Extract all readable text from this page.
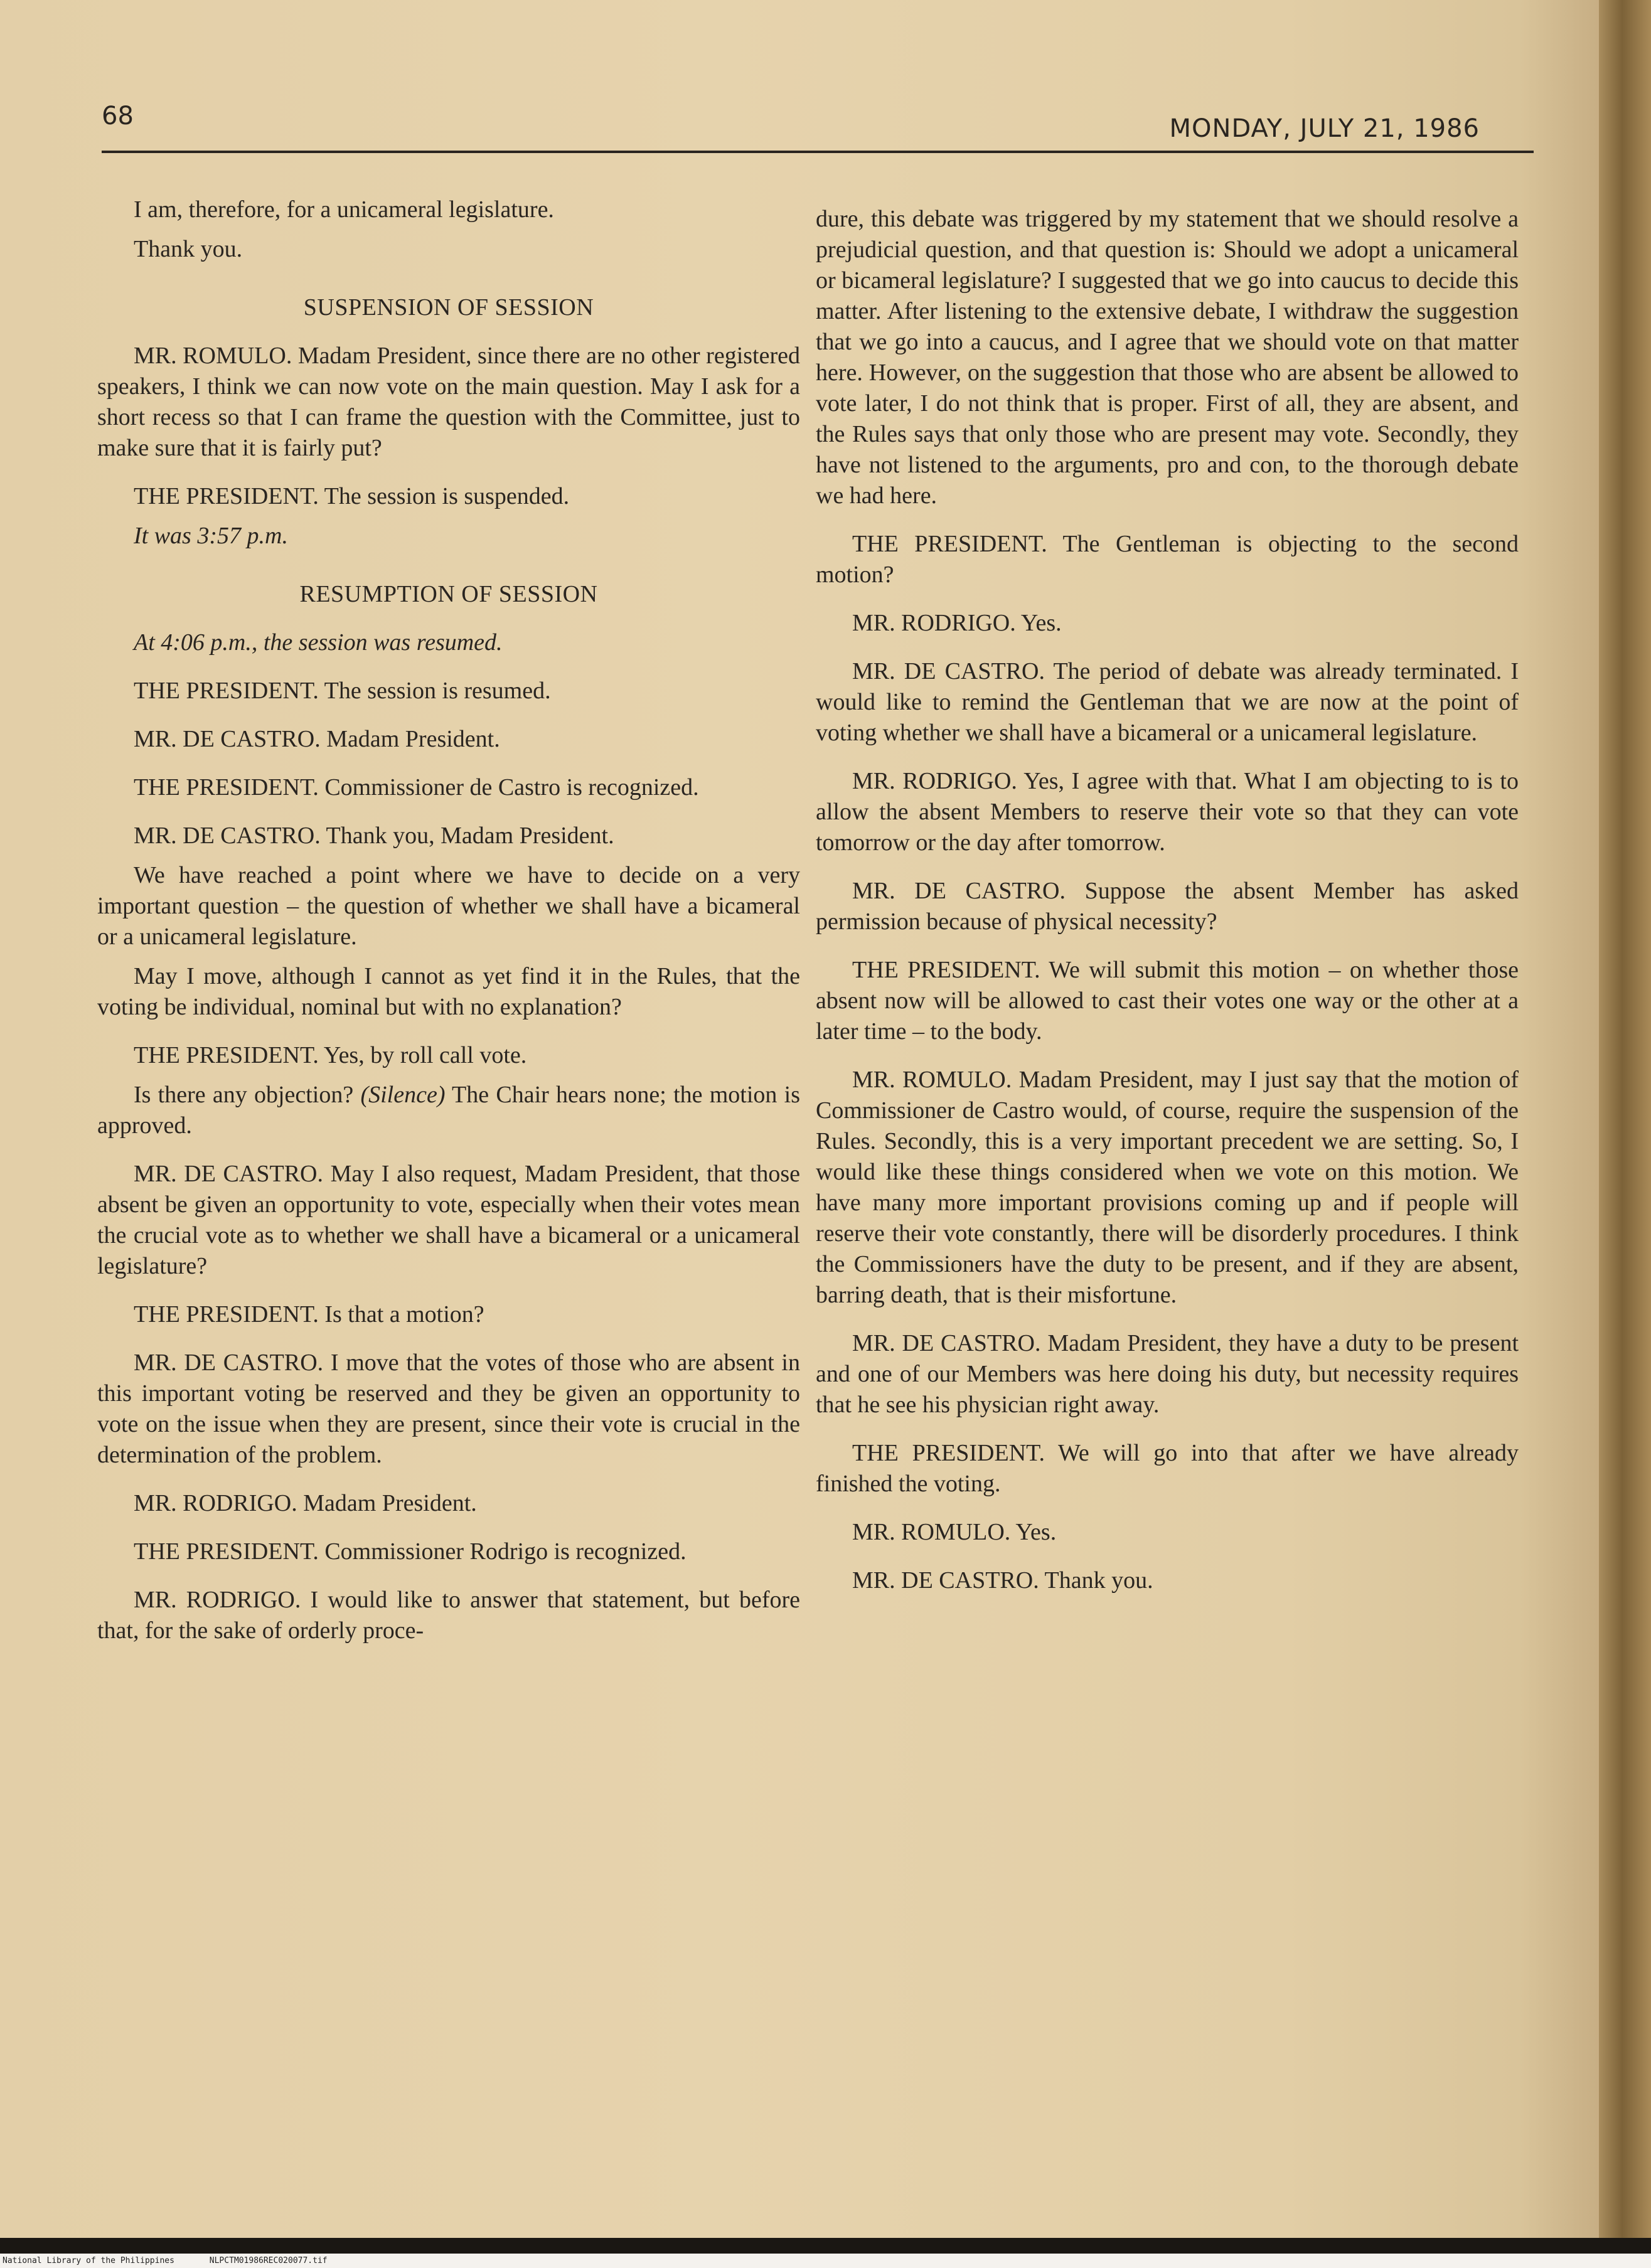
68	MONDAY, JULY 21, 1986

I am, therefore, for a unicameral legislature.

Thank you.

SUSPENSION OF SESSION

MR. ROMULO. Madam President, since there are no other registered speakers, I think we can now vote on the main question. May I ask for a short recess so that I can frame the question with the Committee, just to make sure that it is fairly put?

THE PRESIDENT. The session is suspended.

It was 3:57 p.m.

RESUMPTION OF SESSION

At 4:06 p.m., the session was resumed.

THE PRESIDENT. The session is resumed.

MR. DE CASTRO. Madam President.

THE PRESIDENT. Commissioner de Castro is recognized.

MR. DE CASTRO. Thank you, Madam President.

We have reached a point where we have to decide on a very important question – the question of whether we shall have a bicameral or a unicameral legislature.

May I move, although I cannot as yet find it in the Rules, that the voting be individual, nominal but with no explanation?

THE PRESIDENT. Yes, by roll call vote.

Is there any objection? (Silence) The Chair hears none; the motion is approved.

MR. DE CASTRO. May I also request, Madam President, that those absent be given an opportunity to vote, especially when their votes mean the crucial vote as to whether we shall have a bicameral or a unicameral legislature?

THE PRESIDENT. Is that a motion?

MR. DE CASTRO. I move that the votes of those who are absent in this important voting be reserved and they be given an opportunity to vote on the issue when they are present, since their vote is crucial in the determination of the problem.

MR. RODRIGO. Madam President.

THE PRESIDENT. Commissioner Rodrigo is recognized.

MR. RODRIGO. I would like to answer that statement, but before that, for the sake of orderly proce-

dure, this debate was triggered by my statement that we should resolve a prejudicial question, and that question is: Should we adopt a unicameral or bicameral legislature? I suggested that we go into caucus to decide this matter. After listening to the extensive debate, I withdraw the suggestion that we go into a caucus, and I agree that we should vote on that matter here. However, on the suggestion that those who are absent be allowed to vote later, I do not think that is proper. First of all, they are absent, and the Rules says that only those who are present may vote. Secondly, they have not listened to the arguments, pro and con, to the thorough debate we had here.

THE PRESIDENT. The Gentleman is objecting to the second motion?

MR. RODRIGO. Yes.

MR. DE CASTRO. The period of debate was already terminated. I would like to remind the Gentleman that we are now at the point of voting whether we shall have a bicameral or a unicameral legislature.

MR. RODRIGO. Yes, I agree with that. What I am objecting to is to allow the absent Members to reserve their vote so that they can vote tomorrow or the day after tomorrow.

MR. DE CASTRO. Suppose the absent Member has asked permission because of physical necessity?

THE PRESIDENT. We will submit this motion – on whether those absent now will be allowed to cast their votes one way or the other at a later time – to the body.

MR. ROMULO. Madam President, may I just say that the motion of Commissioner de Castro would, of course, require the suspension of the Rules. Secondly, this is a very important precedent we are setting. So, I would like these things considered when we vote on this motion. We have many more important provisions coming up and if people will reserve their vote constantly, there will be disorderly procedures. I think the Commissioners have the duty to be present, and if they are absent, barring death, that is their misfortune.

MR. DE CASTRO. Madam President, they have a duty to be present and one of our Members was here doing his duty, but necessity requires that he see his physician right away.

THE PRESIDENT. We will go into that after we have already finished the voting.

MR. ROMULO. Yes.

MR. DE CASTRO. Thank you.

National Library of the Philippines	NLPCTM01986REC020077.tif
